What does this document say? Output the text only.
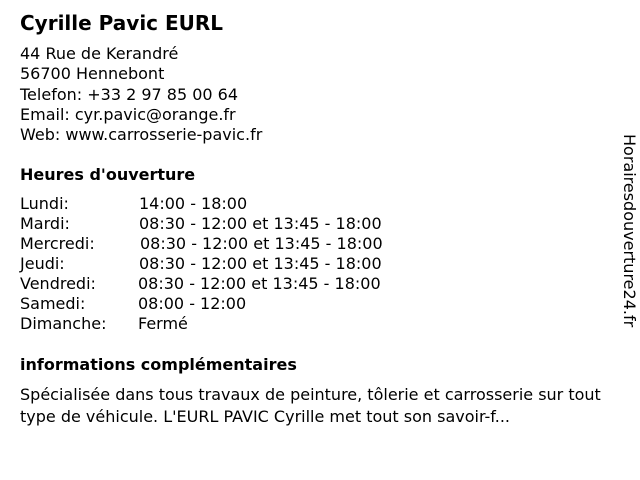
Cyrille Pavic EURL
44 Rue de Kerandré
56700 Hennebont
Telefon: +33 2 97 85 00 64
Email: cyr.pavic@orange.fr
Web: www.carrosserie-pavic.fr
Heures d'ouverture
Lundi:	14:00 - 18:00
Mardi:	08:30 - 12:00 et 13:45 - 18:00
Mercredi:	08:30 - 12:00 et 13:45 - 18:00
Jeudi:	08:30 - 12:00 et 13:45 - 18:00
Vendredi:	08:30 - 12:00 et 13:45 - 18:00
Samedi:	08:00 - 12:00
Dimanche: Fermé
informations complémentaires

Spécialisée dans tous travaux de peinture, tôlerie et carrosserie sur tout type de véhicule. L'EURL PAVIC Cyrille met tout son savoir-f...

Horairesdouverture24.fr
